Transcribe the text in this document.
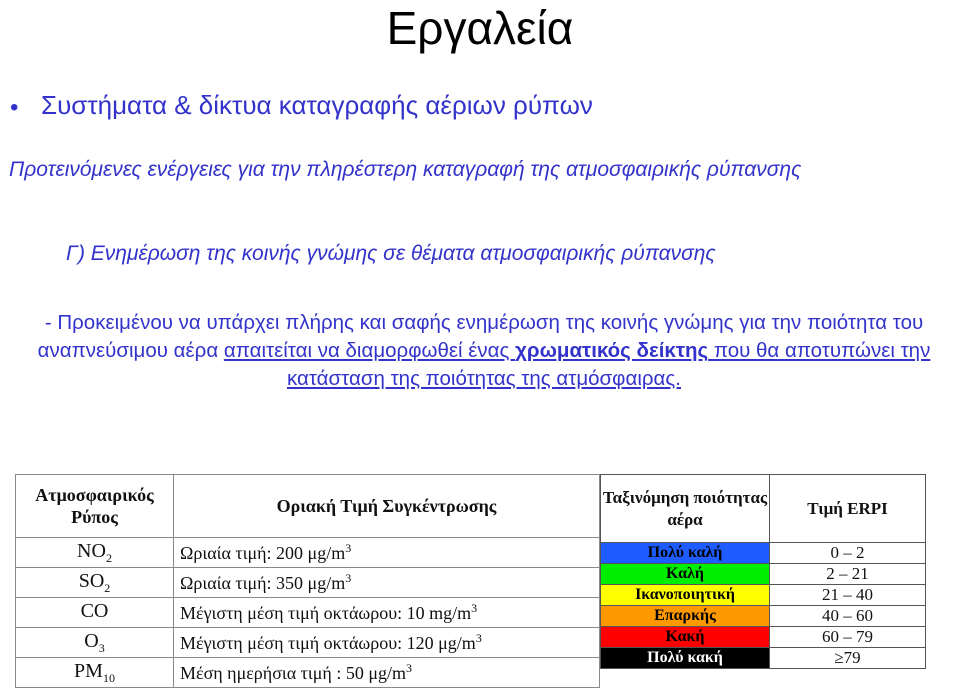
Εργαλεία
• Συστήματα & δίκτυα καταγραφής αέριων ρύπων
Προτεινόμενες ενέργειες για την πληρέστερη καταγραφή της ατμοσφαιρικής ρύπανσης
Γ) Ενημέρωση της κοινής γνώμης σε θέματα ατμοσφαιρικής ρύπανσης
- Προκειμένου να υπάρχει πλήρης και σαφής ενημέρωση της κοινής γνώμης για την ποιότητα του αναπνεύσιμου αέρα απαιτείται να διαμορφωθεί ένας χρωματικός δείκτης που θα αποτυπώνει την κατάσταση της ποιότητας της ατμόσφαιρας.
Ατμοσφαιρικός Ρύπος	Οριακή Τιμή Συγκέντρωσης
$NO_2$	Ωριαία τιμή: 200 $\mu g/m^3$
$SO_2$	Ωριαία τιμή: 350 $\mu g/m^3$
CO	Μέγιστη μέση τιμή οκτάωρου: 10 $mg/m^3$
$O_3$	Μέγιστη μέση τιμή οκτάωρου: 120 $\mu g/m^3$
$PM_{10}$	Μέση ημερήσια τιμή : 50 $\mu g/m^3$
Ταξινόμηση ποιότητας αέρα	Τιμή ERPI
Πολύ καλή	0 – 2
Καλή	2 – 21
Ικανοποιητική	21 – 40
Επαρκής	40 – 60
Κακή	60 – 79
Πολύ κακή	≥79
